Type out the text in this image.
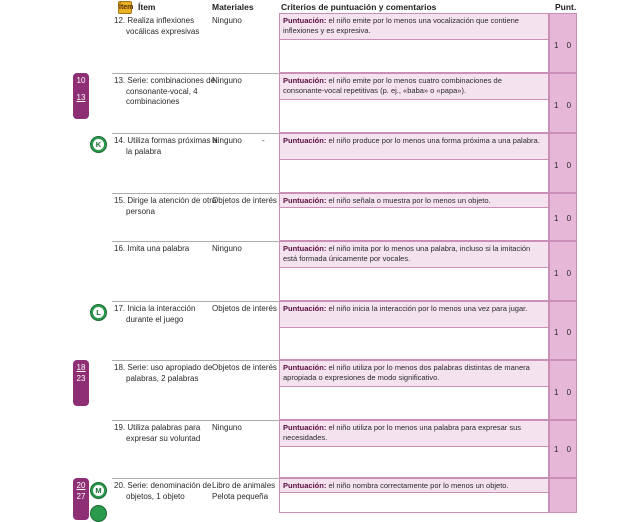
Ítem Ítem	Materiales	Criterios de puntuación y comentarios	Punt.
12. Realiza inflexiones vocálicas expresivas
Ninguno	Puntuación: el niño emite por lo menos una vocalización que contiene inflexiones y es expresiva.
1 0
13. Serie: combinaciones de consonante-vocal, 4 combinaciones
Ninguno	Puntuación: el niño emite por lo menos cuatro combinaciones de consonante-vocal repetitivas (p. ej., «baba» o «papa»).
1 0
14. Utiliza formas próximas a la palabra
Ninguno	-	Puntuación: el niño produce por lo menos una forma próxima a una palabra.
1 0
15. Dirige la atención de otra persona
Objetos de interés Puntuación: el niño señala o muestra por lo menos un objeto.
1 0
16. Imita una palabra	Ninguno	Puntuación: el niño imita por lo menos una palabra, incluso si la imitación está formada únicamente por vocales.
1 0
17. Inicia la interacción durante el juego
Objetos de interés Puntuación: el niño inicia la interacción por lo menos una vez para jugar.
1 0
18. Serie: uso apropiado de palabras, 2 palabras
Objetos de interés Puntuación: el niño utiliza por lo menos dos palabras distintas de manera apropiada o expresiones de modo significativo.
1 0
19. Utiliza palabras para expresar su voluntad
Ninguno	Puntuación: el niño utiliza por lo menos una palabra para expresar sus necesidades.
1 0
20. Serie: denominación de objetos, 1 objeto
Libro de animales Pelota pequeña
Puntuación: el niño nombra correctamente por lo menos un objeto.
10
13
18
23
20
27
K
L
M
